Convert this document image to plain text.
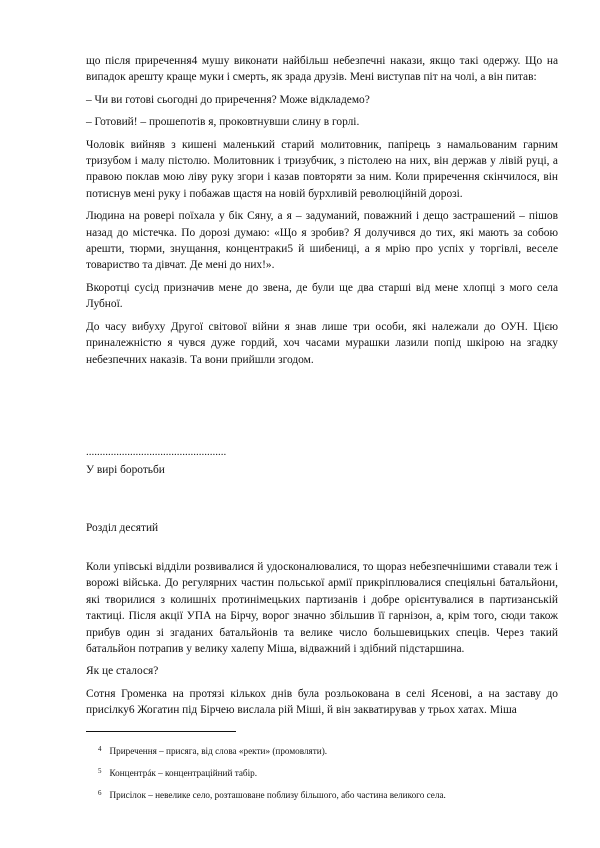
що після приречення4 мушу виконати найбільш небезпечні накази, якщо такі одержу. Що на випадок арешту краще муки і смерть, як зрада друзів. Мені виступав піт на чолі, а він питав:

– Чи ви готові сьогодні до приречення? Може відкладемо?

– Готовий! – прошепотів я, проковтнувши слину в горлі.

Чоловік вийняв з кишені маленький старий молитовник, папірець з намальованим гарним тризубом і малу пістолю. Молитовник і тризубчик, з пістолею на них, він держав у лівій руці, а правою поклав мою ліву руку згори і казав повторяти за ним. Коли приречення скінчилося, він потиснув мені руку і побажав щастя на новій бурхливій революційній дорозі.

Людина на ровері поїхала у бік Сяну, а я – задуманий, поважний і дещо застрашений – пішов назад до містечка. По дорозі думаю: «Що я зробив? Я долучився до тих, які мають за собою арешти, тюрми, знущання, концентраки5 й шибениці, а я мрію про успіх у торгівлі, веселе товариство та дівчат. Де мені до них!».

Вкоротці сусід призначив мене до звена, де були ще два старші від мене хлопці з мого села Лубної.

До часу вибуху Другої світової війни я знав лише три особи, які належали до ОУН. Цією приналежністю я чувся дуже гордий, хоч часами мурашки лазили попід шкірою на згадку небезпечних наказів. Та вони прийшли згодом.

...................................................

У вирі боротьби

Розділ десятий

Коли упівські відділи розвивалися й удосконалювалися, то щораз небезпечнішими ставали теж і ворожі війська. До регулярних частин польської армії прикріплювалися спеціяльні батальйони, які творилися з колишніх протинімецьких партизанів і добре орієнтувалися в партизанській тактиці. Після акції УПА на Бірчу, ворог значно збільшив її гарнізон, а, крім того, сюди також прибув один зі згаданих батальйонів та велике число большевицьких спеців. Через такий батальйон потрапив у велику халепу Міша, відважний і здібний підстаршина.

Як це сталося?

Сотня Громенка на протязі кількох днів була розльокована в селі Ясенові, а на заставу до присілку6 Жогатин під Бірчею вислала рій Міші, й він закватирував у трьох хатах. Міша

$^4$ Приречення – присяга, від слова «ректи» (промовляти).
$^5$ Концентрáк – концентраційний табір.
$^6$ Присілок – невелике село, розташоване поблизу більшого, або частина великого села.
